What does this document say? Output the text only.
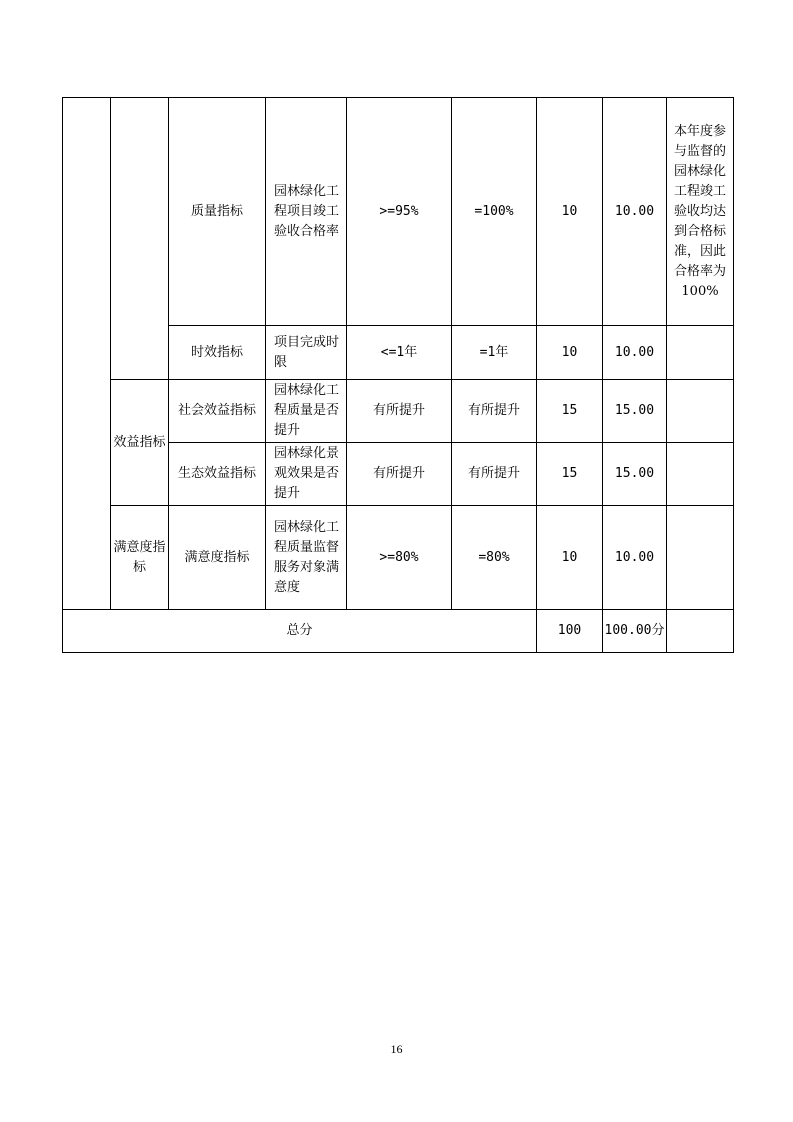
		质量指标	园林绿化工程项目竣工验收合格率	>=95%	=100%	10	10.00	本年度参与监督的园林绿化工程竣工验收均达到合格标准，因此合格率为100%
		时效指标	项目完成时限	<=1年	=1年	10	10.00	
	效益指标	社会效益指标	园林绿化工程质量是否提升	有所提升	有所提升	15	15.00	
		生态效益指标	园林绿化景观效果是否提升	有所提升	有所提升	15	15.00	
	满意度指标	满意度指标	园林绿化工程质量监督服务对象满意度	>=80%	=80%	10	10.00	
总分						100	100.00分	
16
